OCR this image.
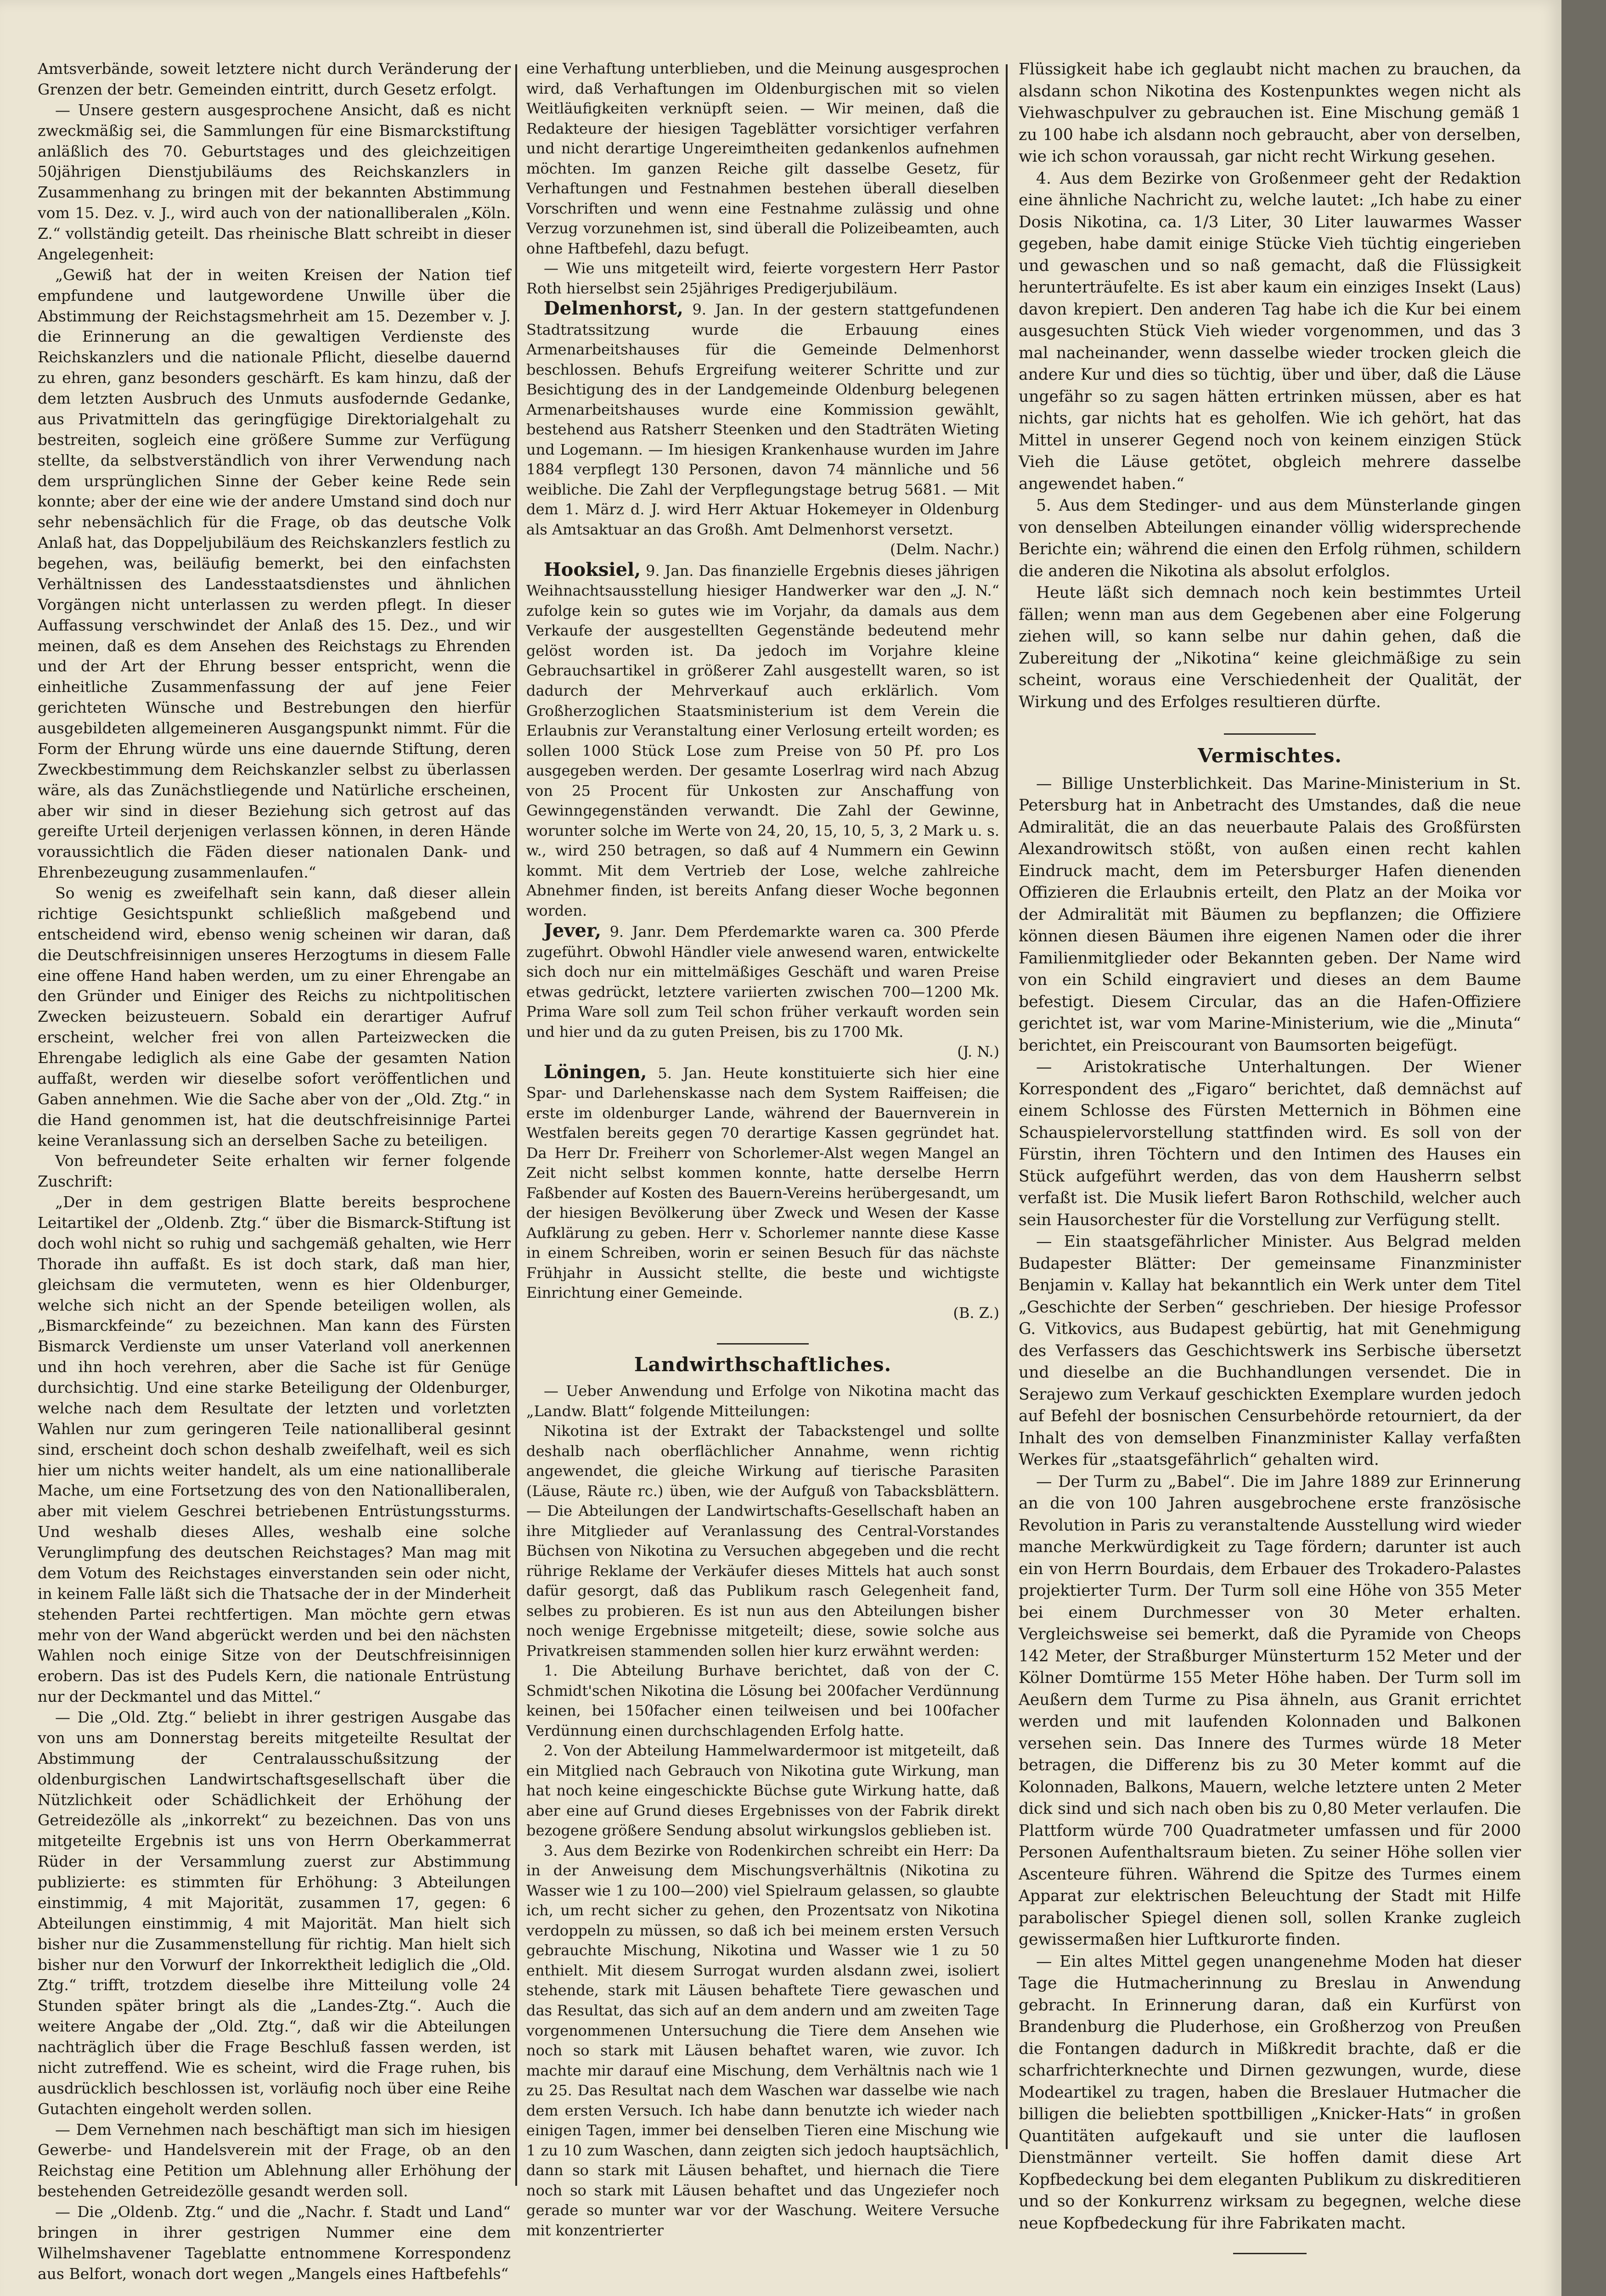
Amtsverbände, soweit letztere nicht durch Veränderung der Grenzen der betr. Gemeinden eintritt, durch Gesetz erfolgt.

— Unsere gestern ausgesprochene Ansicht, daß es nicht zweckmäßig sei, die Sammlungen für eine Bismarckstiftung anläßlich des 70. Geburtstages und des gleichzeitigen 50jährigen Dienstjubiläums des Reichskanzlers in Zusammenhang zu bringen mit der bekannten Abstimmung vom 15. Dez. v. J., wird auch von der nationalliberalen „Köln. Z.“ vollständig geteilt. Das rheinische Blatt schreibt in dieser Angelegenheit:

„Gewiß hat der in weiten Kreisen der Nation tief empfundene und lautgewordene Unwille über die Abstimmung der Reichstagsmehrheit am 15. Dezember v. J. die Erinnerung an die gewaltigen Verdienste des Reichskanzlers und die nationale Pflicht, dieselbe dauernd zu ehren, ganz besonders geschärft. Es kam hinzu, daß der dem letzten Ausbruch des Unmuts ausfodernde Gedanke, aus Privatmitteln das geringfügige Direktorialgehalt zu bestreiten, sogleich eine größere Summe zur Verfügung stellte, da selbstverständlich von ihrer Verwendung nach dem ursprünglichen Sinne der Geber keine Rede sein konnte; aber der eine wie der andere Umstand sind doch nur sehr nebensächlich für die Frage, ob das deutsche Volk Anlaß hat, das Doppeljubiläum des Reichskanzlers festlich zu begehen, was, beiläufig bemerkt, bei den einfachsten Verhältnissen des Landesstaatsdienstes und ähnlichen Vorgängen nicht unterlassen zu werden pflegt. In dieser Auffassung verschwindet der Anlaß des 15. Dez., und wir meinen, daß es dem Ansehen des Reichstags zu Ehrenden und der Art der Ehrung besser entspricht, wenn die einheitliche Zusammenfassung der auf jene Feier gerichteten Wünsche und Bestrebungen den hierfür ausgebildeten allgemeineren Ausgangspunkt nimmt. Für die Form der Ehrung würde uns eine dauernde Stiftung, deren Zweckbestimmung dem Reichskanzler selbst zu überlassen wäre, als das Zunächstliegende und Natürliche erscheinen, aber wir sind in dieser Beziehung sich getrost auf das gereifte Urteil derjenigen verlassen können, in deren Hände voraussichtlich die Fäden dieser nationalen Dank- und Ehrenbezeugung zusammenlaufen.“

So wenig es zweifelhaft sein kann, daß dieser allein richtige Gesichtspunkt schließlich maßgebend und entscheidend wird, ebenso wenig scheinen wir daran, daß die Deutschfreisinnigen unseres Herzogtums in diesem Falle eine offene Hand haben werden, um zu einer Ehrengabe an den Gründer und Einiger des Reichs zu nichtpolitischen Zwecken beizusteuern. Sobald ein derartiger Aufruf erscheint, welcher frei von allen Parteizwecken die Ehrengabe lediglich als eine Gabe der gesamten Nation auffaßt, werden wir dieselbe sofort veröffentlichen und Gaben annehmen. Wie die Sache aber von der „Old. Ztg.“ in die Hand genommen ist, hat die deutschfreisinnige Partei keine Veranlassung sich an derselben Sache zu beteiligen.

Von befreundeter Seite erhalten wir ferner folgende Zuschrift:

„Der in dem gestrigen Blatte bereits besprochene Leitartikel der „Oldenb. Ztg.“ über die Bismarck-Stiftung ist doch wohl nicht so ruhig und sachgemäß gehalten, wie Herr Thorade ihn auffaßt. Es ist doch stark, daß man hier, gleichsam die vermuteten, wenn es hier Oldenburger, welche sich nicht an der Spende beteiligen wollen, als „Bismarckfeinde“ zu bezeichnen. Man kann des Fürsten Bismarck Verdienste um unser Vaterland voll anerkennen und ihn hoch verehren, aber die Sache ist für Genüge durchsichtig. Und eine starke Beteiligung der Oldenburger, welche nach dem Resultate der letzten und vorletzten Wahlen nur zum geringeren Teile nationalliberal gesinnt sind, erscheint doch schon deshalb zweifelhaft, weil es sich hier um nichts weiter handelt, als um eine nationalliberale Mache, um eine Fortsetzung des von den Nationalliberalen, aber mit vielem Geschrei betriebenen Entrüstungssturms. Und weshalb dieses Alles, weshalb eine solche Verunglimpfung des deutschen Reichstages? Man mag mit dem Votum des Reichstages einverstanden sein oder nicht, in keinem Falle läßt sich die Thatsache der in der Minderheit stehenden Partei rechtfertigen. Man möchte gern etwas mehr von der Wand abgerückt werden und bei den nächsten Wahlen noch einige Sitze von der Deutschfreisinnigen erobern. Das ist des Pudels Kern, die nationale Entrüstung nur der Deckmantel und das Mittel.“

— Die „Old. Ztg.“ beliebt in ihrer gestrigen Ausgabe das von uns am Donnerstag bereits mitgeteilte Resultat der Abstimmung der Centralausschußsitzung der oldenburgischen Landwirtschaftsgesellschaft über die Nützlichkeit oder Schädlichkeit der Erhöhung der Getreidezölle als „inkorrekt“ zu bezeichnen. Das von uns mitgeteilte Ergebnis ist uns von Herrn Oberkammerrat Rüder in der Versammlung zuerst zur Abstimmung publizierte: es stimmten für Erhöhung: 3 Abteilungen einstimmig, 4 mit Majorität, zusammen 17, gegen: 6 Abteilungen einstimmig, 4 mit Majorität. Man hielt sich bisher nur die Zusammenstellung für richtig. Man hielt sich bisher nur den Vorwurf der Inkorrektheit lediglich die „Old. Ztg.“ trifft, trotzdem dieselbe ihre Mitteilung volle 24 Stunden später bringt als die „Landes-Ztg.“. Auch die weitere Angabe der „Old. Ztg.“, daß wir die Abteilungen nachträglich über die Frage Beschluß fassen werden, ist nicht zutreffend. Wie es scheint, wird die Frage ruhen, bis ausdrücklich beschlossen ist, vorläufig noch über eine Reihe Gutachten eingeholt werden sollen.

— Dem Vernehmen nach beschäftigt man sich im hiesigen Gewerbe- und Handelsverein mit der Frage, ob an den Reichstag eine Petition um Ablehnung aller Erhöhung der bestehenden Getreidezölle gesandt werden soll.

— Die „Oldenb. Ztg.“ und die „Nachr. f. Stadt und Land“ bringen in ihrer gestrigen Nummer eine dem Wilhelmshavener Tageblatte entnommene Korrespondenz aus Belfort, wonach dort wegen „Mangels eines Haftbefehls“

eine Verhaftung unterblieben, und die Meinung ausgesprochen wird, daß Verhaftungen im Oldenburgischen mit so vielen Weitläufigkeiten verknüpft seien. — Wir meinen, daß die Redakteure der hiesigen Tageblätter vorsichtiger verfahren und nicht derartige Ungereimtheiten gedankenlos aufnehmen möchten. Im ganzen Reiche gilt dasselbe Gesetz, für Verhaftungen und Festnahmen bestehen überall dieselben Vorschriften und wenn eine Festnahme zulässig und ohne Verzug vorzunehmen ist, sind überall die Polizeibeamten, auch ohne Haftbefehl, dazu befugt.

— Wie uns mitgeteilt wird, feierte vorgestern Herr Pastor Roth hierselbst sein 25jähriges Predigerjubiläum.

Delmenhorst, 9. Jan. In der gestern stattgefundenen Stadtratssitzung wurde die Erbauung eines Armenarbeitshauses für die Gemeinde Delmenhorst beschlossen. Behufs Ergreifung weiterer Schritte und zur Besichtigung des in der Landgemeinde Oldenburg belegenen Armenarbeitshauses wurde eine Kommission gewählt, bestehend aus Ratsherr Steenken und den Stadträten Wieting und Logemann. — Im hiesigen Krankenhause wurden im Jahre 1884 verpflegt 130 Personen, davon 74 männliche und 56 weibliche. Die Zahl der Verpflegungstage betrug 5681. — Mit dem 1. März d. J. wird Herr Aktuar Hokemeyer in Oldenburg als Amtsaktuar an das Großh. Amt Delmenhorst versetzt.

(Delm. Nachr.)

Hooksiel, 9. Jan. Das finanzielle Ergebnis dieses jährigen Weihnachtsausstellung hiesiger Handwerker war den „J. N.“ zufolge kein so gutes wie im Vorjahr, da damals aus dem Verkaufe der ausgestellten Gegenstände bedeutend mehr gelöst worden ist. Da jedoch im Vorjahre kleine Gebrauchsartikel in größerer Zahl ausgestellt waren, so ist dadurch der Mehrverkauf auch erklärlich. Vom Großherzoglichen Staatsministerium ist dem Verein die Erlaubnis zur Veranstaltung einer Verlosung erteilt worden; es sollen 1000 Stück Lose zum Preise von 50 Pf. pro Los ausgegeben werden. Der gesamte Loserlrag wird nach Abzug von 25 Procent für Unkosten zur Anschaffung von Gewinngegenständen verwandt. Die Zahl der Gewinne, worunter solche im Werte von 24, 20, 15, 10, 5, 3, 2 Mark u. s. w., wird 250 betragen, so daß auf 4 Nummern ein Gewinn kommt. Mit dem Vertrieb der Lose, welche zahlreiche Abnehmer finden, ist bereits Anfang dieser Woche begonnen worden.

Jever, 9. Janr. Dem Pferdemarkte waren ca. 300 Pferde zugeführt. Obwohl Händler viele anwesend waren, entwickelte sich doch nur ein mittelmäßiges Geschäft und waren Preise etwas gedrückt, letztere variierten zwischen 700—1200 Mk. Prima Ware soll zum Teil schon früher verkauft worden sein und hier und da zu guten Preisen, bis zu 1700 Mk.

(J. N.)

Löningen, 5. Jan. Heute konstituierte sich hier eine Spar- und Darlehenskasse nach dem System Raiffeisen; die erste im oldenburger Lande, während der Bauernverein in Westfalen bereits gegen 70 derartige Kassen gegründet hat. Da Herr Dr. Freiherr von Schorlemer-Alst wegen Mangel an Zeit nicht selbst kommen konnte, hatte derselbe Herrn Faßbender auf Kosten des Bauern-Vereins herübergesandt, um der hiesigen Bevölkerung über Zweck und Wesen der Kasse Aufklärung zu geben. Herr v. Schorlemer nannte diese Kasse in einem Schreiben, worin er seinen Besuch für das nächste Frühjahr in Aussicht stellte, die beste und wichtigste Einrichtung einer Gemeinde.

(B. Z.)

Landwirthschaftliches.

— Ueber Anwendung und Erfolge von Nikotina macht das „Landw. Blatt“ folgende Mitteilungen:

Nikotina ist der Extrakt der Tabackstengel und sollte deshalb nach oberflächlicher Annahme, wenn richtig angewendet, die gleiche Wirkung auf tierische Parasiten (Läuse, Räute rc.) üben, wie der Aufguß von Tabacksblättern. — Die Abteilungen der Landwirtschafts-Gesellschaft haben an ihre Mitglieder auf Veranlassung des Central-Vorstandes Büchsen von Nikotina zu Versuchen abgegeben und die recht rührige Reklame der Verkäufer dieses Mittels hat auch sonst dafür gesorgt, daß das Publikum rasch Gelegenheit fand, selbes zu probieren. Es ist nun aus den Abteilungen bisher noch wenige Ergebnisse mitgeteilt; diese, sowie solche aus Privatkreisen stammenden sollen hier kurz erwähnt werden:

1. Die Abteilung Burhave berichtet, daß von der C. Schmidt'schen Nikotina die Lösung bei 200facher Verdünnung keinen, bei 150facher einen teilweisen und bei 100facher Verdünnung einen durchschlagenden Erfolg hatte.

2. Von der Abteilung Hammelwardermoor ist mitgeteilt, daß ein Mitglied nach Gebrauch von Nikotina gute Wirkung, man hat noch keine eingeschickte Büchse gute Wirkung hatte, daß aber eine auf Grund dieses Ergebnisses von der Fabrik direkt bezogene größere Sendung absolut wirkungslos geblieben ist.

3. Aus dem Bezirke von Rodenkirchen schreibt ein Herr: Da in der Anweisung dem Mischungsverhältnis (Nikotina zu Wasser wie 1 zu 100—200) viel Spielraum gelassen, so glaubte ich, um recht sicher zu gehen, den Prozentsatz von Nikotina verdoppeln zu müssen, so daß ich bei meinem ersten Versuch gebrauchte Mischung, Nikotina und Wasser wie 1 zu 50 enthielt. Mit diesem Surrogat wurden alsdann zwei, isoliert stehende, stark mit Läusen behaftete Tiere gewaschen und das Resultat, das sich auf an dem andern und am zweiten Tage vorgenommenen Untersuchung die Tiere dem Ansehen wie noch so stark mit Läusen behaftet waren, wie zuvor. Ich machte mir darauf eine Mischung, dem Verhältnis nach wie 1 zu 25. Das Resultat nach dem Waschen war dasselbe wie nach dem ersten Versuch. Ich habe dann benutzte ich wieder nach einigen Tagen, immer bei denselben Tieren eine Mischung wie 1 zu 10 zum Waschen, dann zeigten sich jedoch hauptsächlich, dann so stark mit Läusen behaftet, und hiernach die Tiere noch so stark mit Läusen behaftet und das Ungeziefer noch gerade so munter war vor der Waschung. Weitere Versuche mit konzentrierter

Flüssigkeit habe ich geglaubt nicht machen zu brauchen, da alsdann schon Nikotina des Kostenpunktes wegen nicht als Viehwaschpulver zu gebrauchen ist. Eine Mischung gemäß 1 zu 100 habe ich alsdann noch gebraucht, aber von derselben, wie ich schon voraussah, gar nicht recht Wirkung gesehen.

4. Aus dem Bezirke von Großenmeer geht der Redaktion eine ähnliche Nachricht zu, welche lautet: „Ich habe zu einer Dosis Nikotina, ca. 1/3 Liter, 30 Liter lauwarmes Wasser gegeben, habe damit einige Stücke Vieh tüchtig eingerieben und gewaschen und so naß gemacht, daß die Flüssigkeit herunterträufelte. Es ist aber kaum ein einziges Insekt (Laus) davon krepiert. Den anderen Tag habe ich die Kur bei einem ausgesuchten Stück Vieh wieder vorgenommen, und das 3 mal nacheinander, wenn dasselbe wieder trocken gleich die andere Kur und dies so tüchtig, über und über, daß die Läuse ungefähr so zu sagen hätten ertrinken müssen, aber es hat nichts, gar nichts hat es geholfen. Wie ich gehört, hat das Mittel in unserer Gegend noch von keinem einzigen Stück Vieh die Läuse getötet, obgleich mehrere dasselbe angewendet haben.“

5. Aus dem Stedinger- und aus dem Münsterlande gingen von denselben Abteilungen einander völlig widersprechende Berichte ein; während die einen den Erfolg rühmen, schildern die anderen die Nikotina als absolut erfolglos.

Heute läßt sich demnach noch kein bestimmtes Urteil fällen; wenn man aus dem Gegebenen aber eine Folgerung ziehen will, so kann selbe nur dahin gehen, daß die Zubereitung der „Nikotina“ keine gleichmäßige zu sein scheint, woraus eine Verschiedenheit der Qualität, der Wirkung und des Erfolges resultieren dürfte.

Vermischtes.

— Billige Unsterblichkeit. Das Marine-Ministerium in St. Petersburg hat in Anbetracht des Umstandes, daß die neue Admiralität, die an das neuerbaute Palais des Großfürsten Alexandrowitsch stößt, von außen einen recht kahlen Eindruck macht, dem im Petersburger Hafen dienenden Offizieren die Erlaubnis erteilt, den Platz an der Moika vor der Admiralität mit Bäumen zu bepflanzen; die Offiziere können diesen Bäumen ihre eigenen Namen oder die ihrer Familienmitglieder oder Bekannten geben. Der Name wird von ein Schild eingraviert und dieses an dem Baume befestigt. Diesem Circular, das an die Hafen-Offiziere gerichtet ist, war vom Marine-Ministerium, wie die „Minuta“ berichtet, ein Preiscourant von Baumsorten beigefügt.

— Aristokratische Unterhaltungen. Der Wiener Korrespondent des „Figaro“ berichtet, daß demnächst auf einem Schlosse des Fürsten Metternich in Böhmen eine Schauspielervorstellung stattfinden wird. Es soll von der Fürstin, ihren Töchtern und den Intimen des Hauses ein Stück aufgeführt werden, das von dem Hausherrn selbst verfaßt ist. Die Musik liefert Baron Rothschild, welcher auch sein Hausorchester für die Vorstellung zur Verfügung stellt.

— Ein staatsgefährlicher Minister. Aus Belgrad melden Budapester Blätter: Der gemeinsame Finanzminister Benjamin v. Kallay hat bekanntlich ein Werk unter dem Titel „Geschichte der Serben“ geschrieben. Der hiesige Professor G. Vitkovics, aus Budapest gebürtig, hat mit Genehmigung des Verfassers das Geschichtswerk ins Serbische übersetzt und dieselbe an die Buchhandlungen versendet. Die in Serajewo zum Verkauf geschickten Exemplare wurden jedoch auf Befehl der bosnischen Censurbehörde retourniert, da der Inhalt des von demselben Finanzminister Kallay verfaßten Werkes für „staatsgefährlich“ gehalten wird.

— Der Turm zu „Babel“. Die im Jahre 1889 zur Erinnerung an die von 100 Jahren ausgebrochene erste französische Revolution in Paris zu veranstaltende Ausstellung wird wieder manche Merkwürdigkeit zu Tage fördern; darunter ist auch ein von Herrn Bourdais, dem Erbauer des Trokadero-Palastes projektierter Turm. Der Turm soll eine Höhe von 355 Meter bei einem Durchmesser von 30 Meter erhalten. Vergleichsweise sei bemerkt, daß die Pyramide von Cheops 142 Meter, der Straßburger Münsterturm 152 Meter und der Kölner Domtürme 155 Meter Höhe haben. Der Turm soll im Aeußern dem Turme zu Pisa ähneln, aus Granit errichtet werden und mit laufenden Kolonnaden und Balkonen versehen sein. Das Innere des Turmes würde 18 Meter betragen, die Differenz bis zu 30 Meter kommt auf die Kolonnaden, Balkons, Mauern, welche letztere unten 2 Meter dick sind und sich nach oben bis zu 0,80 Meter verlaufen. Die Plattform würde 700 Quadratmeter umfassen und für 2000 Personen Aufenthaltsraum bieten. Zu seiner Höhe sollen vier Ascenteure führen. Während die Spitze des Turmes einem Apparat zur elektrischen Beleuchtung der Stadt mit Hilfe parabolischer Spiegel dienen soll, sollen Kranke zugleich gewissermaßen hier Luftkurorte finden.

— Ein altes Mittel gegen unangenehme Moden hat dieser Tage die Hutmacherinnung zu Breslau in Anwendung gebracht. In Erinnerung daran, daß ein Kurfürst von Brandenburg die Pluderhose, ein Großherzog von Preußen die Fontangen dadurch in Mißkredit brachte, daß er die scharfrichterknechte und Dirnen gezwungen, wurde, diese Modeartikel zu tragen, haben die Breslauer Hutmacher die billigen die beliebten spottbilligen „Knicker-Hats“ in großen Quantitäten aufgekauft und sie unter die lauflosen Dienstmänner verteilt. Sie hoffen damit diese Art Kopfbedeckung bei dem eleganten Publikum zu diskreditieren und so der Konkurrenz wirksam zu begegnen, welche diese neue Kopfbedeckung für ihre Fabrikaten macht.
